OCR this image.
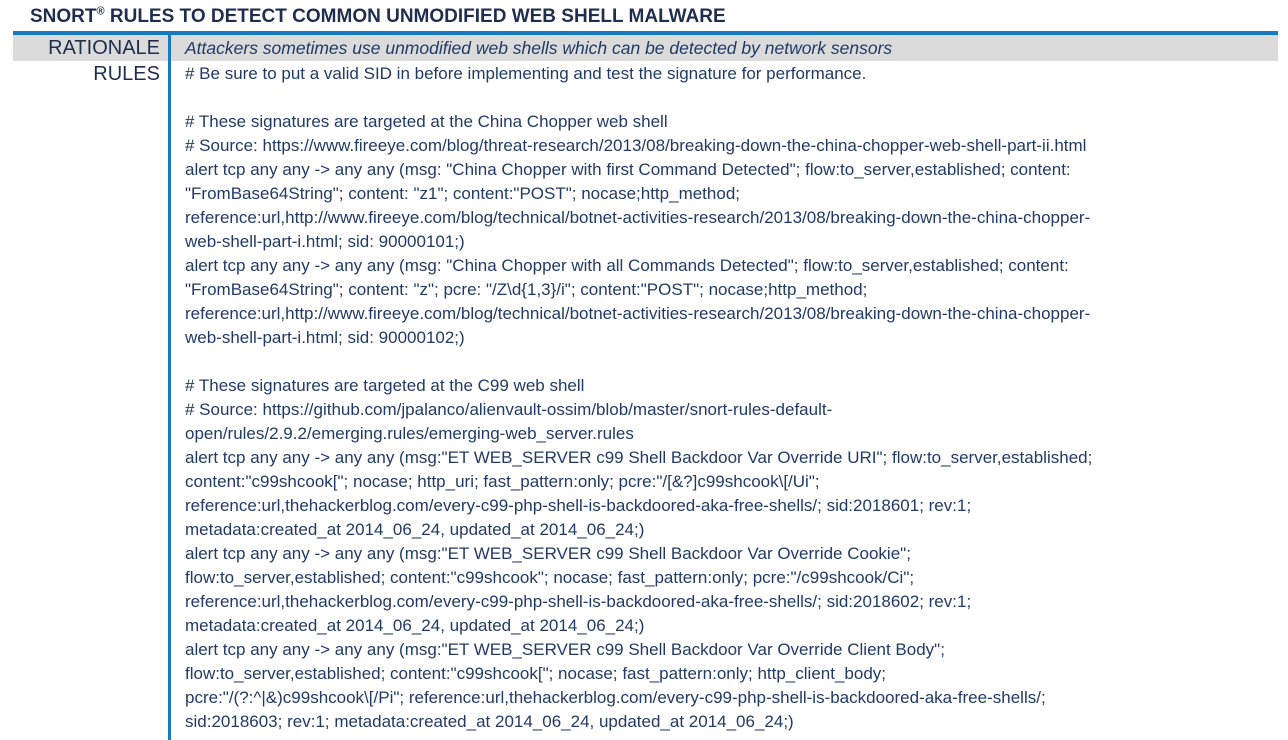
SNORT® RULES TO DETECT COMMON UNMODIFIED WEB SHELL MALWARE
RATIONALE	Attackers sometimes use unmodified web shells which can be detected by network sensors
RULES	# Be sure to put a valid SID in before implementing and test the signature for performance.
# These signatures are targeted at the China Chopper web shell
# Source: https://www.fireeye.com/blog/threat-research/2013/08/breaking-down-the-china-chopper-web-shell-part-ii.html
alert tcp any any -> any any (msg: "China Chopper with first Command Detected"; flow:to_server,established; content:
"FromBase64String"; content: "z1"; content:"POST"; nocase;http_method;
reference:url,http://www.fireeye.com/blog/technical/botnet-activities-research/2013/08/breaking-down-the-china-chopper-
web-shell-part-i.html; sid: 90000101;)
alert tcp any any -> any any (msg: "China Chopper with all Commands Detected"; flow:to_server,established; content:
"FromBase64String"; content: "z"; pcre: "/Z\d{1,3}/i"; content:"POST"; nocase;http_method;
reference:url,http://www.fireeye.com/blog/technical/botnet-activities-research/2013/08/breaking-down-the-china-chopper-
web-shell-part-i.html; sid: 90000102;)
# These signatures are targeted at the C99 web shell
# Source: https://github.com/jpalanco/alienvault-ossim/blob/master/snort-rules-default-
open/rules/2.9.2/emerging.rules/emerging-web_server.rules
alert tcp any any -> any any (msg:"ET WEB_SERVER c99 Shell Backdoor Var Override URI"; flow:to_server,established;
content:"c99shcook["; nocase; http_uri; fast_pattern:only; pcre:"/[&?]c99shcook\[/Ui";
reference:url,thehackerblog.com/every-c99-php-shell-is-backdoored-aka-free-shells/; sid:2018601; rev:1;
metadata:created_at 2014_06_24, updated_at 2014_06_24;)
alert tcp any any -> any any (msg:"ET WEB_SERVER c99 Shell Backdoor Var Override Cookie";
flow:to_server,established; content:"c99shcook"; nocase; fast_pattern:only; pcre:"/c99shcook/Ci";
reference:url,thehackerblog.com/every-c99-php-shell-is-backdoored-aka-free-shells/; sid:2018602; rev:1;
metadata:created_at 2014_06_24, updated_at 2014_06_24;)
alert tcp any any -> any any (msg:"ET WEB_SERVER c99 Shell Backdoor Var Override Client Body";
flow:to_server,established; content:"c99shcook["; nocase; fast_pattern:only; http_client_body;
pcre:"/(?:^|&)c99shcook\[/Pi"; reference:url,thehackerblog.com/every-c99-php-shell-is-backdoored-aka-free-shells/;
sid:2018603; rev:1; metadata:created_at 2014_06_24, updated_at 2014_06_24;)
